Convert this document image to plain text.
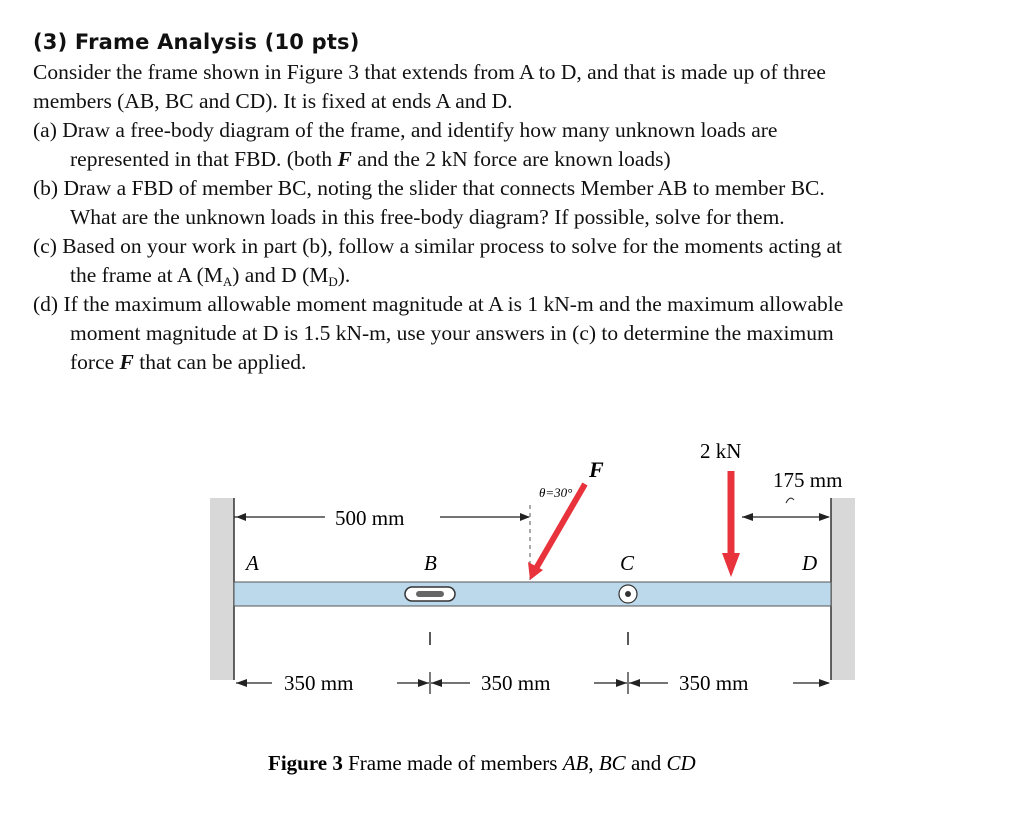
(3) Frame Analysis (10 pts)
Consider the frame shown in Figure 3 that extends from A to D, and that is made up of three
members (AB, BC and CD). It is fixed at ends A and D.
(a) Draw a free-body diagram of the frame, and identify how many unknown loads are
represented in that FBD. (both F and the 2 kN force are known loads)
(b) Draw a FBD of member BC, noting the slider that connects Member AB to member BC.
What are the unknown loads in this free-body diagram? If possible, solve for them.
(c) Based on your work in part (b), follow a similar process to solve for the moments acting at
the frame at A $(M_A)$ and D $(M_D)$.
(d) If the maximum allowable moment magnitude at A is 1 kN-m and the maximum allowable
moment magnitude at D is 1.5 kN-m, use your answers in (c) to determine the maximum
force F that can be applied.
A	B	C	D
500 mm
θ=30°
F
2 kN
175 mm
350 mm	350 mm	350 mm
Figure 3 Frame made of members AB, BC and CD
